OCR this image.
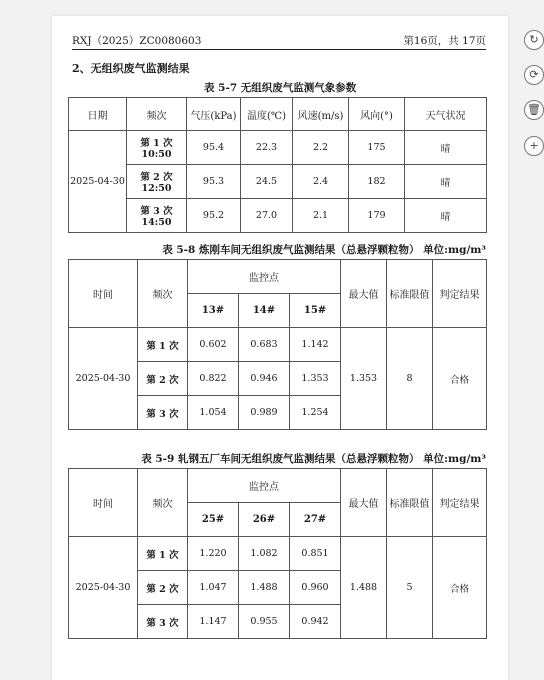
RXJ（2025）ZC0080603	第16页，共 17页
2、无组织废气监测结果
表 5-7 无组织废气监测气象参数
日期	频次	气压(kPa)	温度(℃)	风速(m/s)	风向(°)	天气状况
2025-04-30	第 1 次 10:50	95.4	22.3	2.2	175	晴
	第 2 次 12:50	95.3	24.5	2.4	182	晴
	第 3 次 14:50	95.2	27.0	2.1	179	晴
表 5-8 炼刚车间无组织废气监测结果（总悬浮颗粒物） 单位:mg/m³
时间	频次	监控点			最大值	标准限值	判定结果
		13#	14#	15#			
2025-04-30	第 1 次	0.602	0.683	1.142	1.353	8	合格
	第 2 次	0.822	0.946	1.353			
	第 3 次	1.054	0.989	1.254			
表 5-9 轧钢五厂车间无组织废气监测结果（总悬浮颗粒物） 单位:mg/m³
时间	频次	监控点			最大值	标准限值	判定结果
		25#	26#	27#			
2025-04-30	第 1 次	1.220	1.082	0.851	1.488	5	合格
	第 2 次	1.047	1.488	0.960			
	第 3 次	1.147	0.955	0.942			
↻
⟳
🗑
+
